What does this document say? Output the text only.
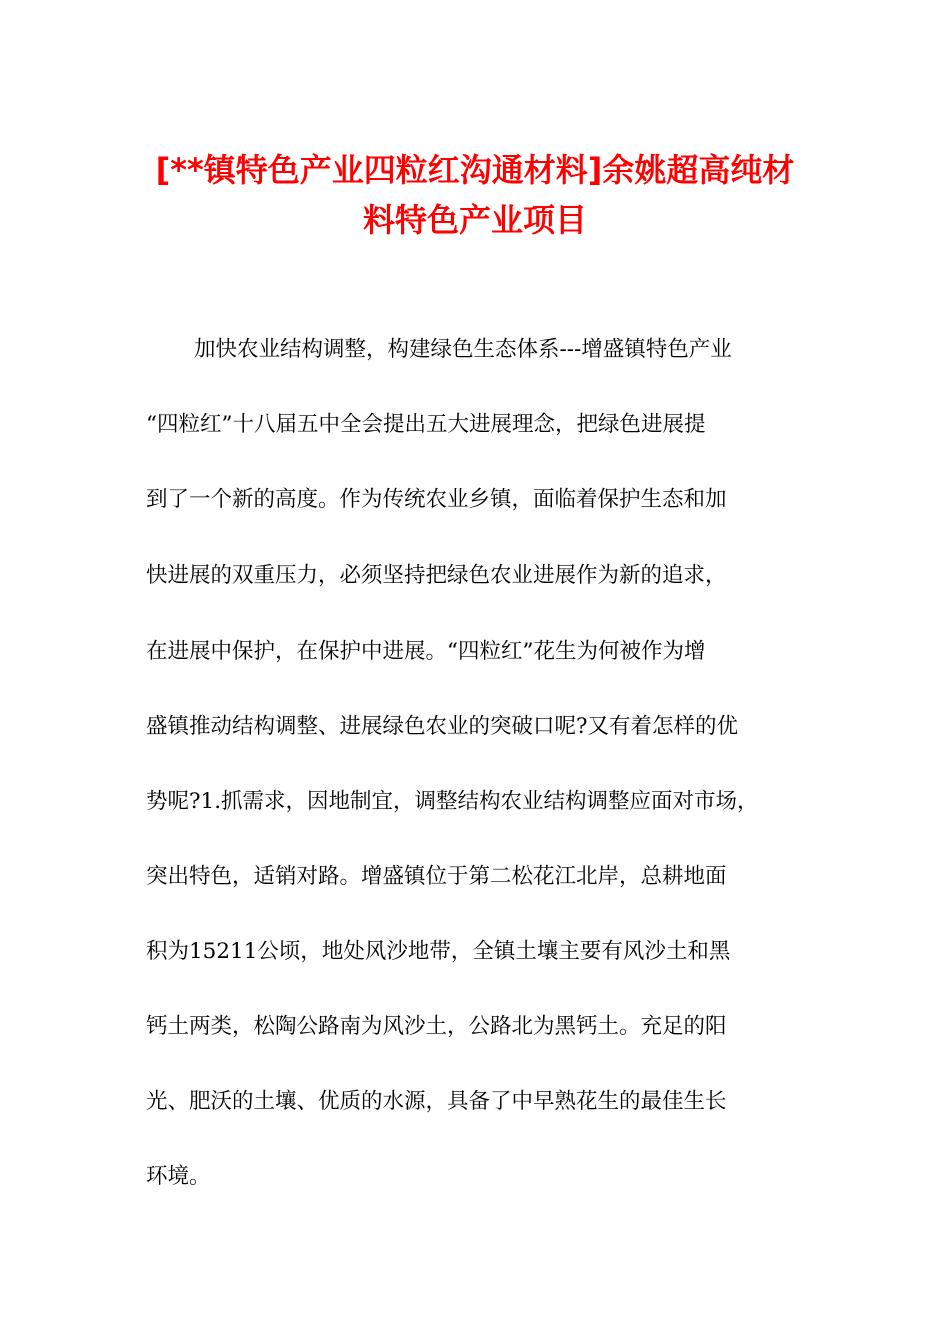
[**镇特色产业四粒红沟通材料]余姚超高纯材
料特色产业项目
加快农业结构调整，构建绿色生态体系---增盛镇特色产业
“四粒红”十八届五中全会提出五大进展理念，把绿色进展提
到了一个新的高度。作为传统农业乡镇，面临着保护生态和加
快进展的双重压力，必须坚持把绿色农业进展作为新的追求，
在进展中保护，在保护中进展。“四粒红”花生为何被作为增
盛镇推动结构调整、进展绿色农业的突破口呢?又有着怎样的优
势呢?1.抓需求，因地制宜，调整结构农业结构调整应面对市场，
突出特色，适销对路。增盛镇位于第二松花江北岸，总耕地面
积为15211公顷，地处风沙地带，全镇土壤主要有风沙土和黑
钙土两类，松陶公路南为风沙土，公路北为黑钙土。充足的阳
光、肥沃的土壤、优质的水源，具备了中早熟花生的最佳生长
环境。
